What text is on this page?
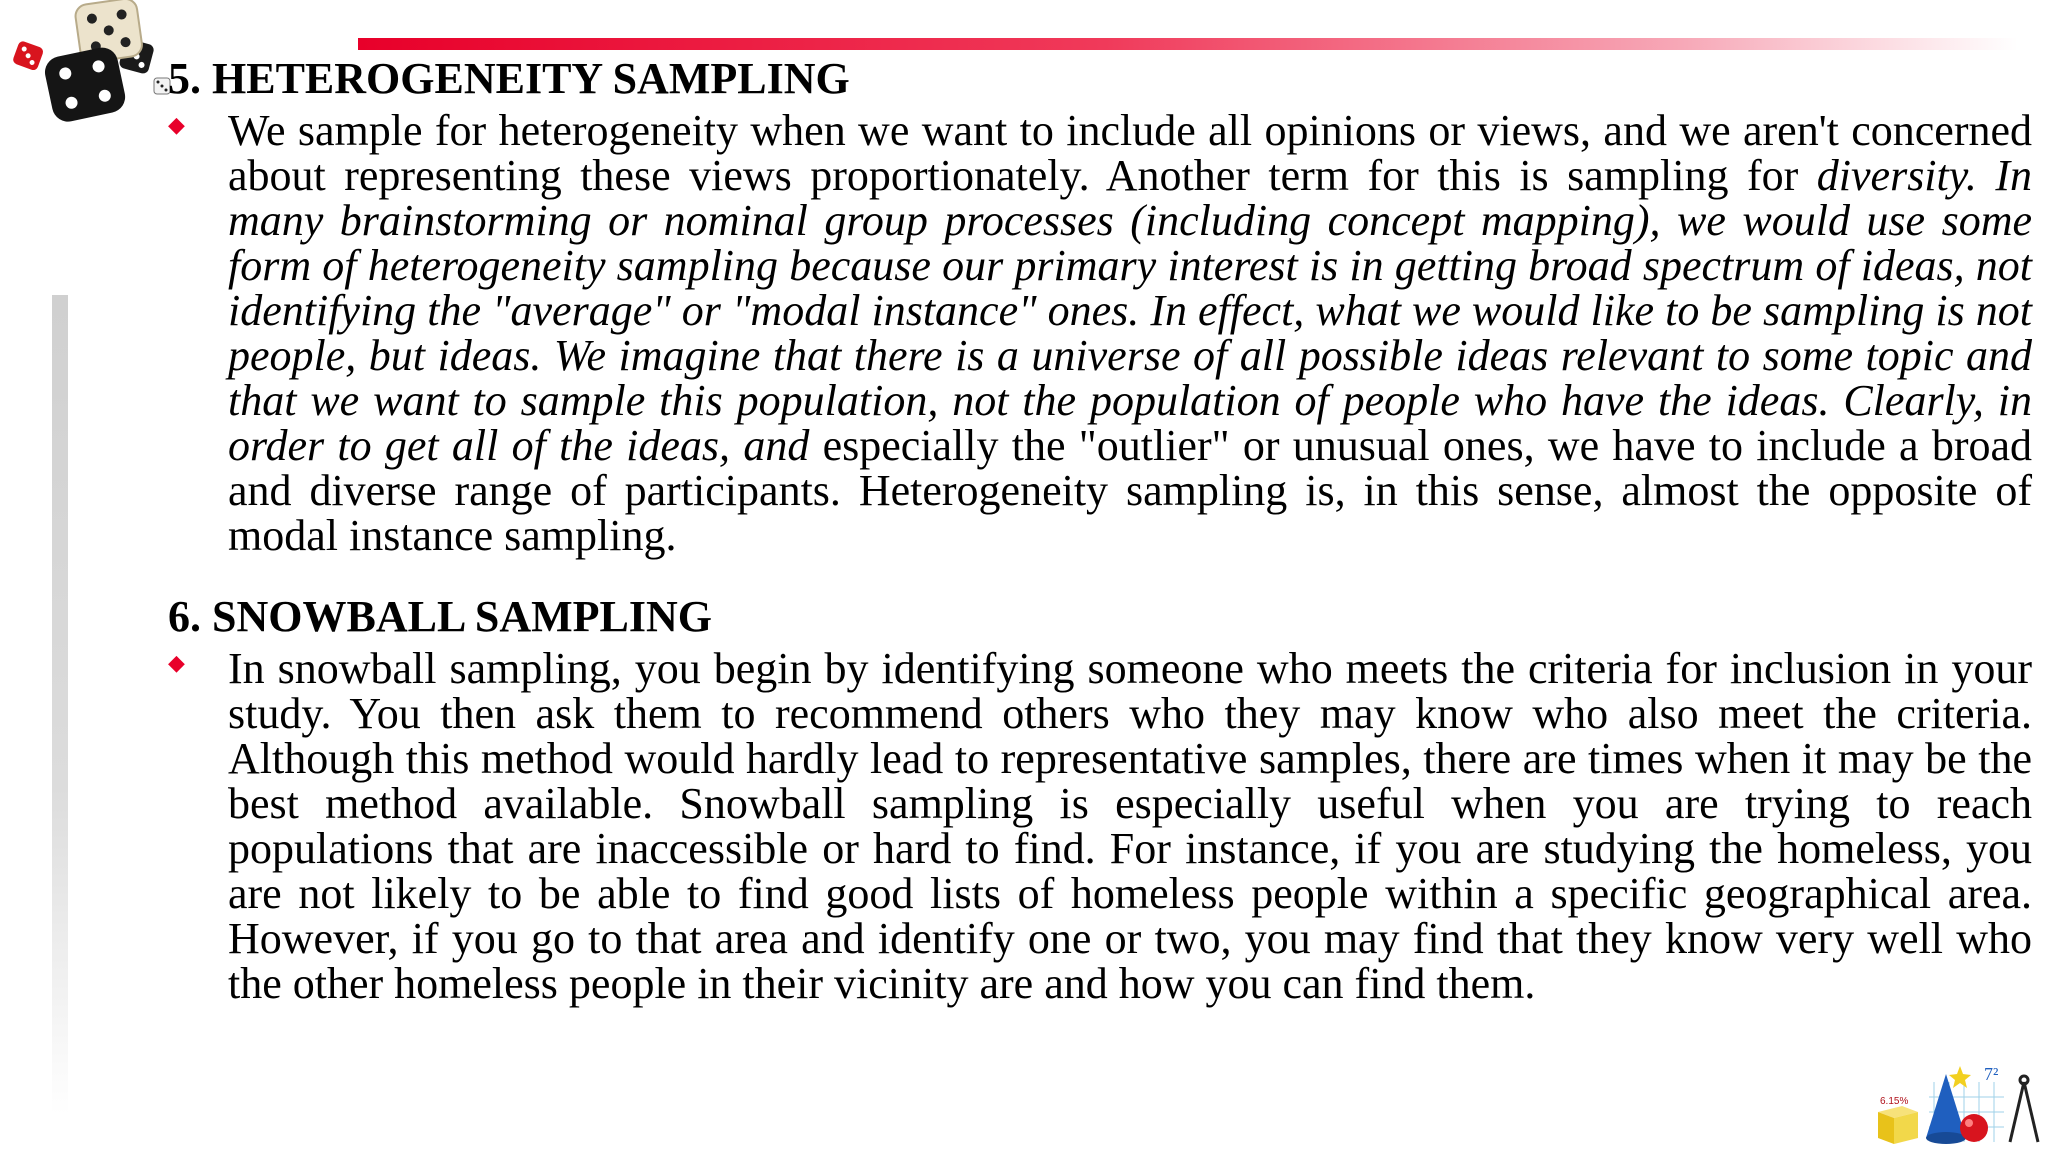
5. HETEROGENEITY SAMPLING

◆ We sample for heterogeneity when we want to include all opinions or views, and we aren't concerned about representing these views proportionately. Another term for this is sampling for diversity. In many brainstorming or nominal group processes (including concept mapping), we would use some form of heterogeneity sampling because our primary interest is in getting broad spectrum of ideas, not identifying the "average" or "modal instance" ones. In effect, what we would like to be sampling is not people, but ideas. We imagine that there is a universe of all possible ideas relevant to some topic and that we want to sample this population, not the population of people who have the ideas. Clearly, in order to get all of the ideas, and especially the "outlier" or unusual ones, we have to include a broad and diverse range of participants. Heterogeneity sampling is, in this sense, almost the opposite of modal instance sampling.

6. SNOWBALL SAMPLING

◆ In snowball sampling, you begin by identifying someone who meets the criteria for inclusion in your study. You then ask them to recommend others who they may know who also meet the criteria. Although this method would hardly lead to representative samples, there are times when it may be the best method available. Snowball sampling is especially useful when you are trying to reach populations that are inaccessible or hard to find. For instance, if you are studying the homeless, you are not likely to be able to find good lists of homeless people within a specific geographical area. However, if you go to that area and identify one or two, you may find that they know very well who the other homeless people in their vicinity are and how you can find them.

6.15%
7²
